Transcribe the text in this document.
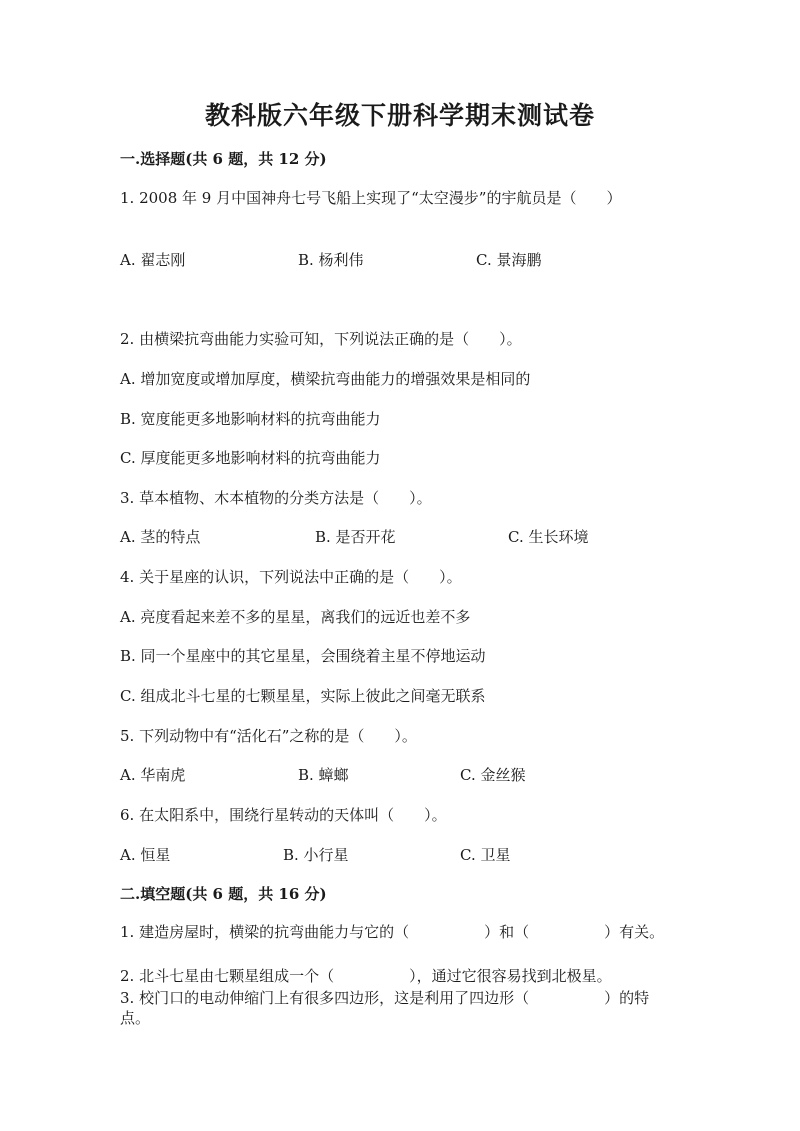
教科版六年级下册科学期末测试卷
一.选择题(共 6 题，共 12 分)
1. 2008 年 9 月中国神舟七号飞船上实现了“太空漫步”的宇航员是（　　）
A. 翟志刚	B. 杨利伟	C. 景海鹏
2. 由横梁抗弯曲能力实验可知，下列说法正确的是（　　）。
A. 增加宽度或增加厚度，横梁抗弯曲能力的增强效果是相同的
B. 宽度能更多地影响材料的抗弯曲能力
C. 厚度能更多地影响材料的抗弯曲能力
3. 草本植物、木本植物的分类方法是（　　）。
A. 茎的特点	B. 是否开花	C. 生长环境
4. 关于星座的认识，下列说法中正确的是（　　）。
A. 亮度看起来差不多的星星，离我们的远近也差不多
B. 同一个星座中的其它星星，会围绕着主星不停地运动
C. 组成北斗七星的七颗星星，实际上彼此之间毫无联系
5. 下列动物中有“活化石”之称的是（　　）。
A. 华南虎	B. 蟑螂	C. 金丝猴
6. 在太阳系中，围绕行星转动的天体叫（　　）。
A. 恒星	B. 小行星	C. 卫星
二.填空题(共 6 题，共 16 分)
1. 建造房屋时，横梁的抗弯曲能力与它的（　　　　　）和（　　　　　）有关。
2. 北斗七星由七颗星组成一个（　　　　　），通过它很容易找到北极星。
3. 校门口的电动伸缩门上有很多四边形，这是利用了四边形（　　　　　）的特点。
